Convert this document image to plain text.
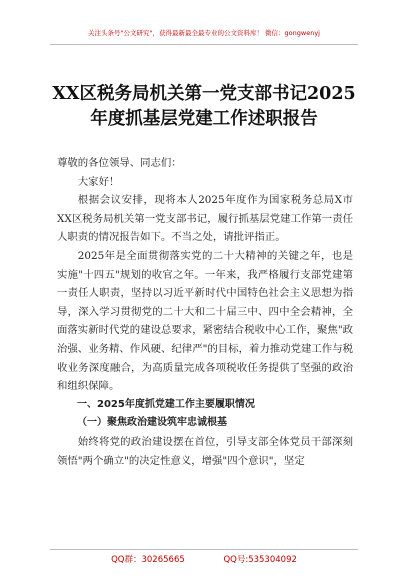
关注头条号"公文研究"，获得最新最全最专业的公文资料库！ 微信：gongwenyj
XX区税务局机关第一党支部书记2025年度抓基层党建工作述职报告

尊敬的各位领导、同志们：

大家好！

根据会议安排，现将本人2025年度作为国家税务总局X市XX区税务局机关第一党支部书记，履行抓基层党建工作第一责任人职责的情况报告如下。不当之处，请批评指正。

2025年是全面贯彻落实党的二十大精神的关键之年，也是实施"十四五"规划的收官之年。一年来，我严格履行支部党建第一责任人职责，坚持以习近平新时代中国特色社会主义思想为指导，深入学习贯彻党的二十大和二十届三中、四中全会精神，全面落实新时代党的建设总要求，紧密结合税收中心工作，聚焦"政治强、业务精、作风硬、纪律严"的目标，着力推动党建工作与税收业务深度融合，为高质量完成各项税收任务提供了坚强的政治和组织保障。

一、2025年度抓党建工作主要履职情况

（一）聚焦政治建设筑牢忠诚根基

始终将党的政治建设摆在首位，引导支部全体党员干部深刻领悟"两个确立"的决定性意义，增强"四个意识"，坚定

QQ群：30265665	QQ号:535304092
